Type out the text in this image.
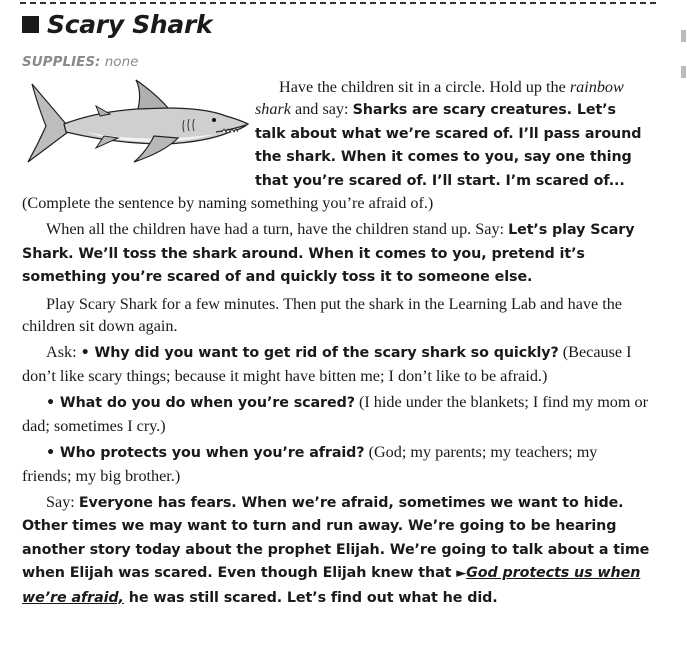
Scary Shark
SUPPLIES: none

Have the children sit in a circle. Hold up the rainbow shark and say: Sharks are scary creatures. Let’s talk about what we’re scared of. I’ll pass around the shark. When it comes to you, say one thing that you’re scared of. I’ll start. I’m scared of... (Complete the sentence by naming something you’re afraid of.)

When all the children have had a turn, have the children stand up. Say: Let’s play Scary Shark. We’ll toss the shark around. When it comes to you, pretend it’s something you’re scared of and quickly toss it to someone else.

Play Scary Shark for a few minutes. Then put the shark in the Learning Lab and have the children sit down again.

Ask: • Why did you want to get rid of the scary shark so quickly? (Because I don’t like scary things; because it might have bitten me; I don’t like to be afraid.)

• What do you do when you’re scared? (I hide under the blankets; I find my mom or dad; sometimes I cry.)

• Who protects you when you’re afraid? (God; my parents; my teachers; my friends; my big brother.)

Say: Everyone has fears. When we’re afraid, sometimes we want to hide. Other times we may want to turn and run away. We’re going to be hearing another story today about the prophet Elijah. We’re going to talk about a time when Elijah was scared. Even though Elijah knew that ►God protects us when we’re afraid, he was still scared. Let’s find out what he did.
